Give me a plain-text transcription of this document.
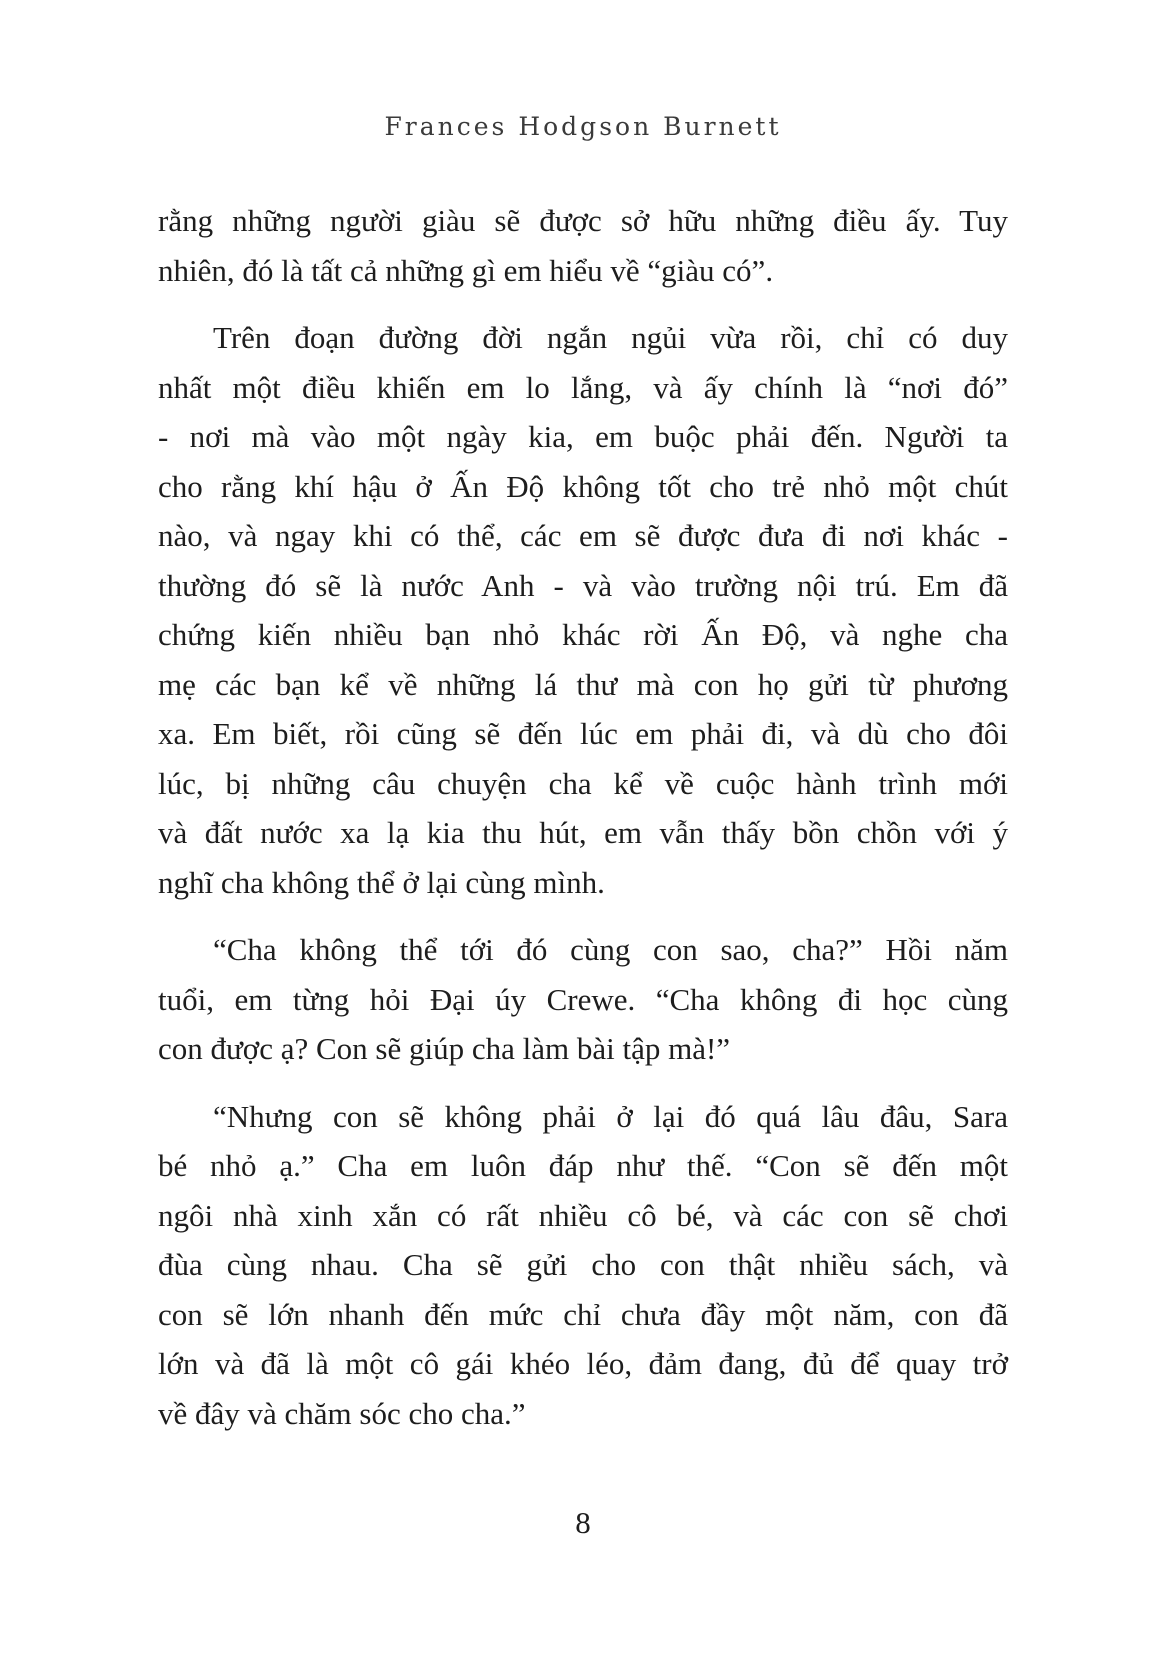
Frances Hodgson Burnett
rằng những người giàu sẽ được sở hữu những điều ấy. Tuy
nhiên, đó là tất cả những gì em hiểu về “giàu có”.
Trên đoạn đường đời ngắn ngủi vừa rồi, chỉ có duy
nhất một điều khiến em lo lắng, và ấy chính là “nơi đó”
- nơi mà vào một ngày kia, em buộc phải đến. Người ta
cho rằng khí hậu ở Ấn Độ không tốt cho trẻ nhỏ một chút
nào, và ngay khi có thể, các em sẽ được đưa đi nơi khác -
thường đó sẽ là nước Anh - và vào trường nội trú. Em đã
chứng kiến nhiều bạn nhỏ khác rời Ấn Độ, và nghe cha
mẹ các bạn kể về những lá thư mà con họ gửi từ phương
xa. Em biết, rồi cũng sẽ đến lúc em phải đi, và dù cho đôi
lúc, bị những câu chuyện cha kể về cuộc hành trình mới
và đất nước xa lạ kia thu hút, em vẫn thấy bồn chồn với ý
nghĩ cha không thể ở lại cùng mình.
“Cha không thể tới đó cùng con sao, cha?” Hồi năm
tuổi, em từng hỏi Đại úy Crewe. “Cha không đi học cùng
con được ạ? Con sẽ giúp cha làm bài tập mà!”
“Nhưng con sẽ không phải ở lại đó quá lâu đâu, Sara
bé nhỏ ạ.” Cha em luôn đáp như thế. “Con sẽ đến một
ngôi nhà xinh xắn có rất nhiều cô bé, và các con sẽ chơi
đùa cùng nhau. Cha sẽ gửi cho con thật nhiều sách, và
con sẽ lớn nhanh đến mức chỉ chưa đầy một năm, con đã
lớn và đã là một cô gái khéo léo, đảm đang, đủ để quay trở
về đây và chăm sóc cho cha.”
8
